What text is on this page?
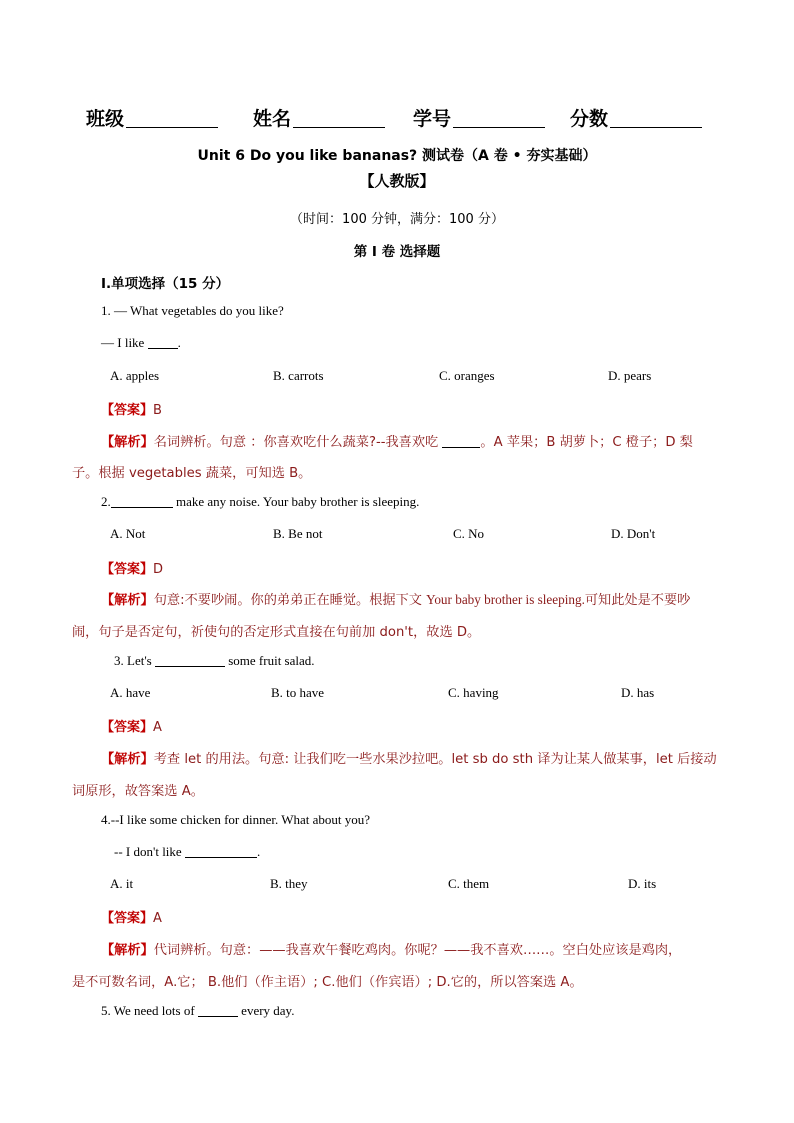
班级	姓名	学号	分数
Unit 6 Do you like bananas? 测试卷（A 卷 • 夯实基础）
【人教版】
（时间：100 分钟，满分：100 分）
第 I 卷 选择题
I.单项选择（15 分）
1. — What vegetables do you like?
— I like .
A. apples	B. carrots	C. oranges	D. pears
【答案】B
【解析】名词辨析。句意 ：你喜欢吃什么蔬菜?--我喜欢吃	。A 苹果；B 胡萝卜；C 橙子；D 梨
子。根据 vegetables 蔬菜，可知选 B。
2.	make any noise. Your baby brother is sleeping.
A. Not	B. Be not	C. No	D. Don't
【答案】D
【解析】句意:不要吵闹。你的弟弟正在睡觉。根据下文 Your baby brother is sleeping.可知此处是不要吵
闹，句子是否定句，祈使句的否定形式直接在句前加 don't，故选 D。
3. Let's	some fruit salad.
A. have	B. to have	C. having	D. has
【答案】A
【解析】考查 let 的用法。句意: 让我们吃一些水果沙拉吧。let sb do sth 译为让某人做某事，let 后接动
词原形，故答案选 A。
4.--I like some chicken for dinner. What about you?
-- I don't like	.
A. it	B. they	C. them	D. its
【答案】A
【解析】代词辨析。句意：——我喜欢午餐吃鸡肉。你呢？——我不喜欢……。空白处应该是鸡肉，
是不可数名词，A.它； B.他们（作主语）; C.他们（作宾语）; D.它的，所以答案选 A。
5. We need lots of	every day.
